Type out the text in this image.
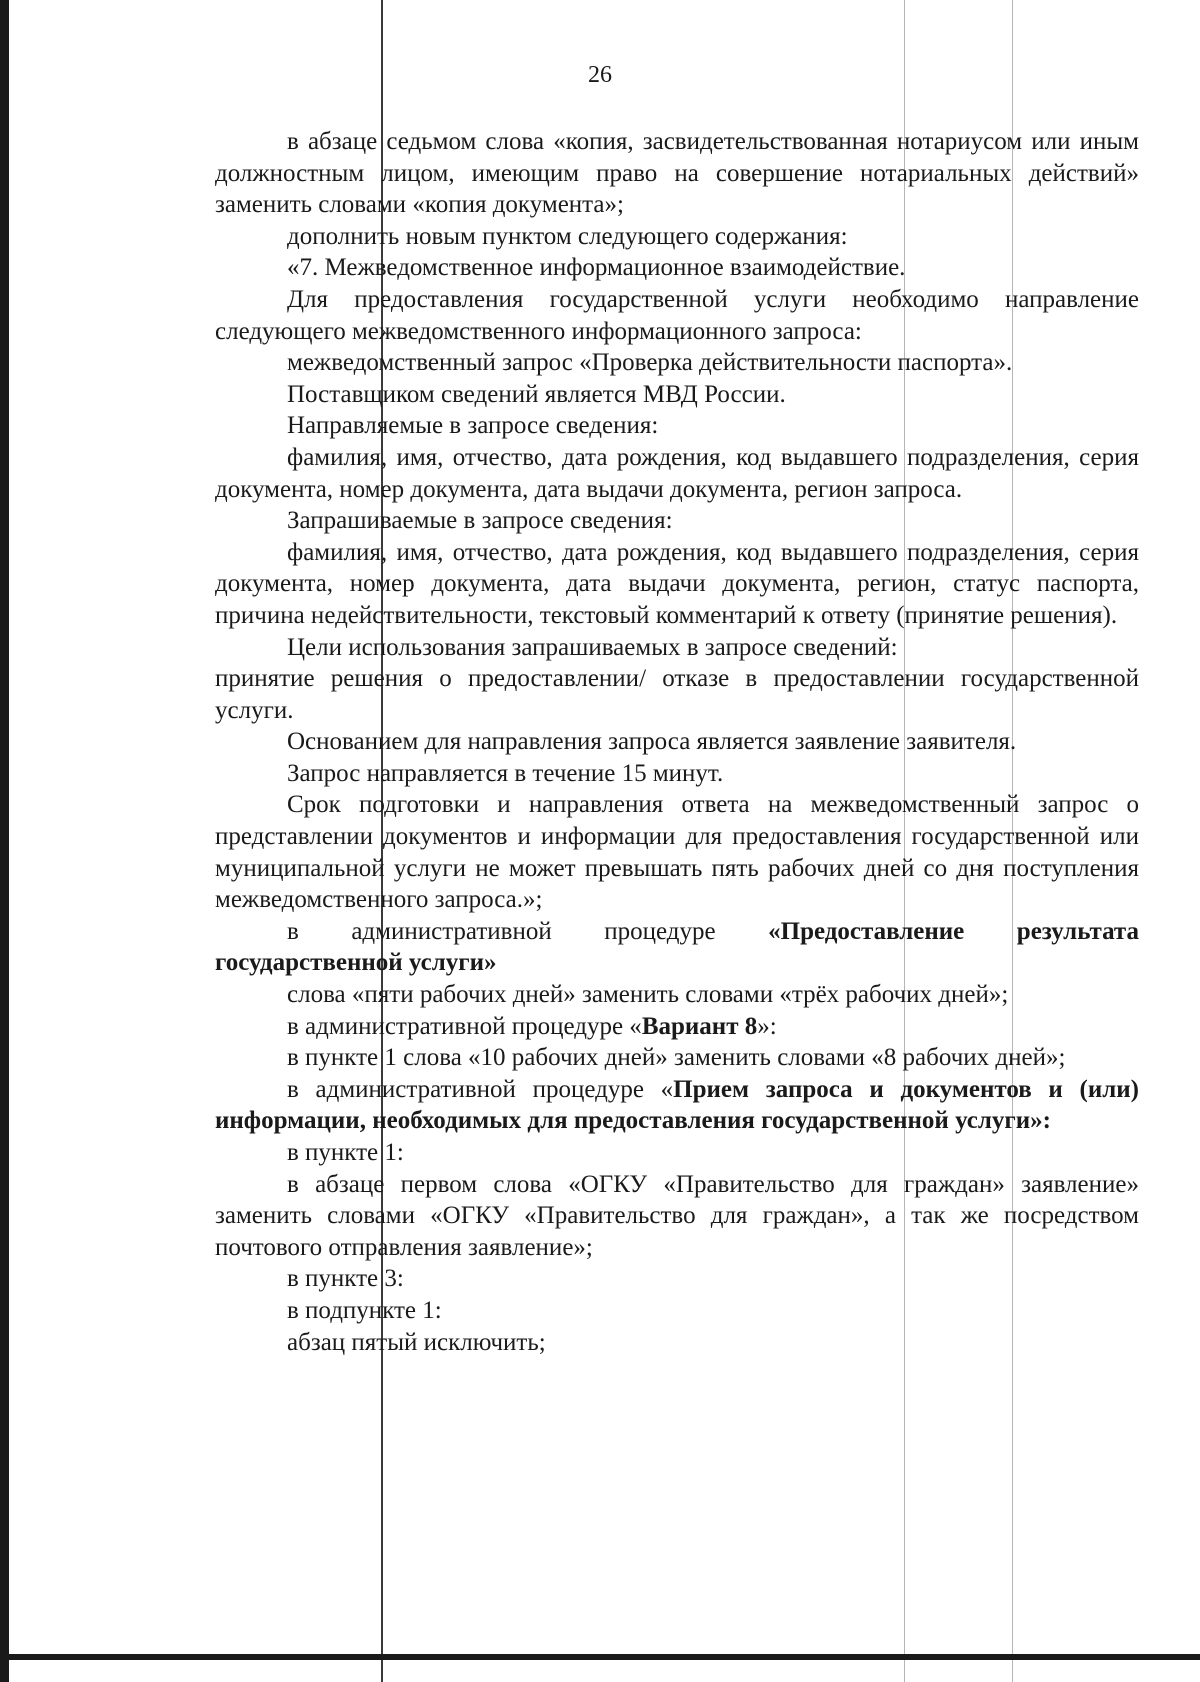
26

в абзаце седьмом слова «копия, засвидетельствованная нотариусом или иным должностным лицом, имеющим право на совершение нотариальных действий» заменить словами «копия документа»;

дополнить новым пунктом следующего содержания:

«7. Межведомственное информационное взаимодействие.

Для предоставления государственной услуги необходимо направление следующего межведомственного информационного запроса:

межведомственный запрос «Проверка действительности паспорта».

Поставщиком сведений является МВД России.

Направляемые в запросе сведения:

фамилия, имя, отчество, дата рождения, код выдавшего подразделения, серия документа, номер документа, дата выдачи документа, регион запроса.

Запрашиваемые в запросе сведения:

фамилия, имя, отчество, дата рождения, код выдавшего подразделения, серия документа, номер документа, дата выдачи документа, регион, статус паспорта, причина недействительности, текстовый комментарий к ответу (принятие решения).

Цели использования запрашиваемых в запросе сведений:

принятие решения о предоставлении/ отказе в предоставлении государственной услуги.

Основанием для направления запроса является заявление заявителя.

Запрос направляется в течение 15 минут.

Срок подготовки и направления ответа на межведомственный запрос о представлении документов и информации для предоставления государственной или муниципальной услуги не может превышать пять рабочих дней со дня поступления межведомственного запроса.»;

в административной процедуре «Предоставление результата государственной услуги»

слова «пяти рабочих дней» заменить словами «трёх рабочих дней»;

в административной процедуре «Вариант 8»:

в пункте 1 слова «10 рабочих дней» заменить словами «8 рабочих дней»;

в административной процедуре «Прием запроса и документов и (или) информации, необходимых для предоставления государственной услуги»:

в пункте 1:

в абзаце первом слова «ОГКУ «Правительство для граждан» заявление» заменить словами «ОГКУ «Правительство для граждан», а так же посредством почтового отправления заявление»;

в пункте 3:

в подпункте 1:

абзац пятый исключить;
